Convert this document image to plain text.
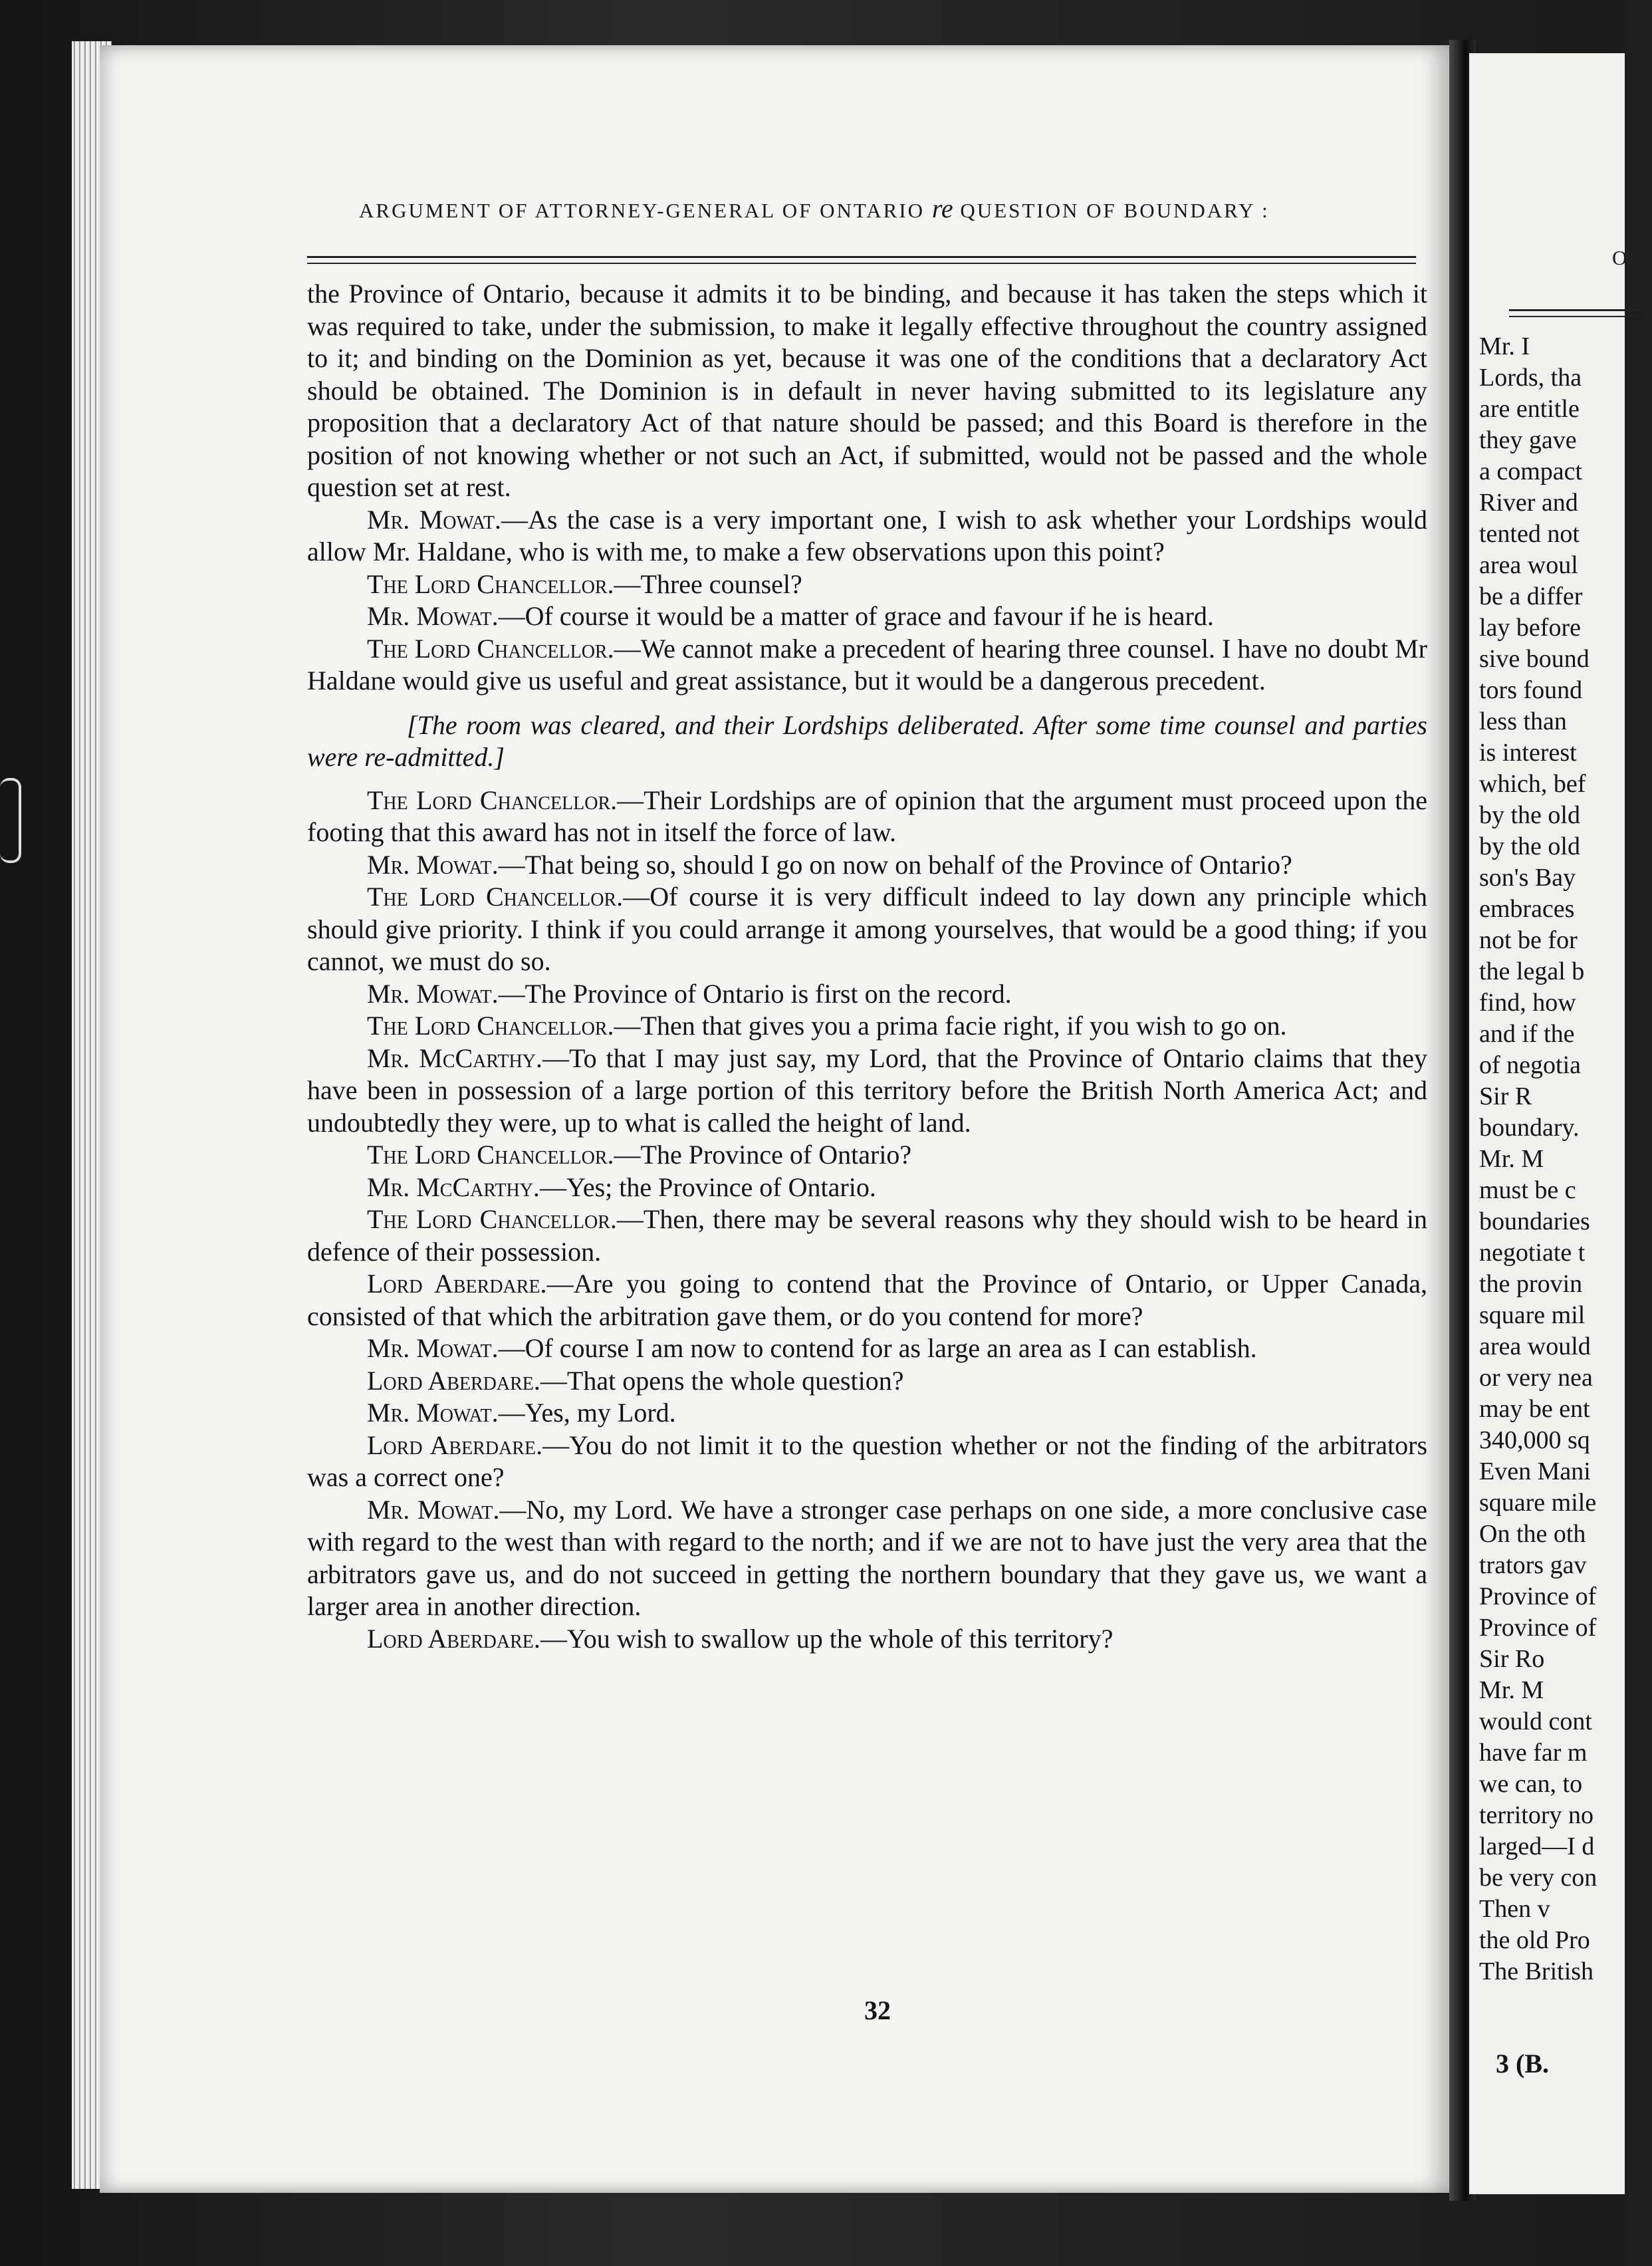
ARGUMENT OF ATTORNEY-GENERAL OF ONTARIO re QUESTION OF BOUNDARY :

the Province of Ontario, because it admits it to be binding, and because it has taken the steps which it was required to take, under the submission, to make it legally effective throughout the country assigned to it; and binding on the Dominion as yet, because it was one of the conditions that a declaratory Act should be obtained. The Dominion is in default in never having submitted to its legislature any proposition that a declaratory Act of that nature should be passed; and this Board is therefore in the position of not knowing whether or not such an Act, if submitted, would not be passed and the whole question set at rest.

Mr. Mowat.—As the case is a very important one, I wish to ask whether your Lordships would allow Mr. Haldane, who is with me, to make a few observations upon this point?

The Lord Chancellor.—Three counsel?

Mr. Mowat.—Of course it would be a matter of grace and favour if he is heard.

The Lord Chancellor.—We cannot make a precedent of hearing three counsel. I have no doubt Mr Haldane would give us useful and great assistance, but it would be a dangerous precedent.

[The room was cleared, and their Lordships deliberated. After some time counsel and parties were re-admitted.]

The Lord Chancellor.—Their Lordships are of opinion that the argument must proceed upon the footing that this award has not in itself the force of law.

Mr. Mowat.—That being so, should I go on now on behalf of the Province of Ontario?

The Lord Chancellor.—Of course it is very difficult indeed to lay down any principle which should give priority. I think if you could arrange it among yourselves, that would be a good thing; if you cannot, we must do so.

Mr. Mowat.—The Province of Ontario is first on the record.

The Lord Chancellor.—Then that gives you a prima facie right, if you wish to go on.

Mr. McCarthy.—To that I may just say, my Lord, that the Province of Ontario claims that they have been in possession of a large portion of this territory before the British North America Act; and undoubtedly they were, up to what is called the height of land.

The Lord Chancellor.—The Province of Ontario?

Mr. McCarthy.—Yes; the Province of Ontario.

The Lord Chancellor.—Then, there may be several reasons why they should wish to be heard in defence of their possession.

Lord Aberdare.—Are you going to contend that the Province of Ontario, or Upper Canada, consisted of that which the arbitration gave them, or do you contend for more?

Mr. Mowat.—Of course I am now to contend for as large an area as I can establish.

Lord Aberdare.—That opens the whole question?

Mr. Mowat.—Yes, my Lord.

Lord Aberdare.—You do not limit it to the question whether or not the finding of the arbitrators was a correct one?

Mr. Mowat.—No, my Lord. We have a stronger case perhaps on one side, a more conclusive case with regard to the west than with regard to the north; and if we are not to have just the very area that the arbitrators gave us, and do not succeed in getting the northern boundary that they gave us, we want a larger area in another direction.

Lord Aberdare.—You wish to swallow up the whole of this territory?

32
O
Mr. I
Lords, tha
are entitle
they gave
a compact
River and
tented not
area woul
be a differ
lay before
sive bound
tors found
less than
is interest
which, bef
by the old
by the old
son's Bay
embraces
not be for
the legal b
find, how
and if the
of negotia
Sir R
boundary.
Mr. M
must be c
boundaries
negotiate t
the provin
square mil
area would
or very nea
may be ent
340,000 sq
Even Mani
square mile
On the oth
trators gav
Province of
Province of
Sir Ro
Mr. M
would cont
have far m
we can, to
territory no
larged—I d
be very con
Then v
the old Pro
The British
3 (B.
